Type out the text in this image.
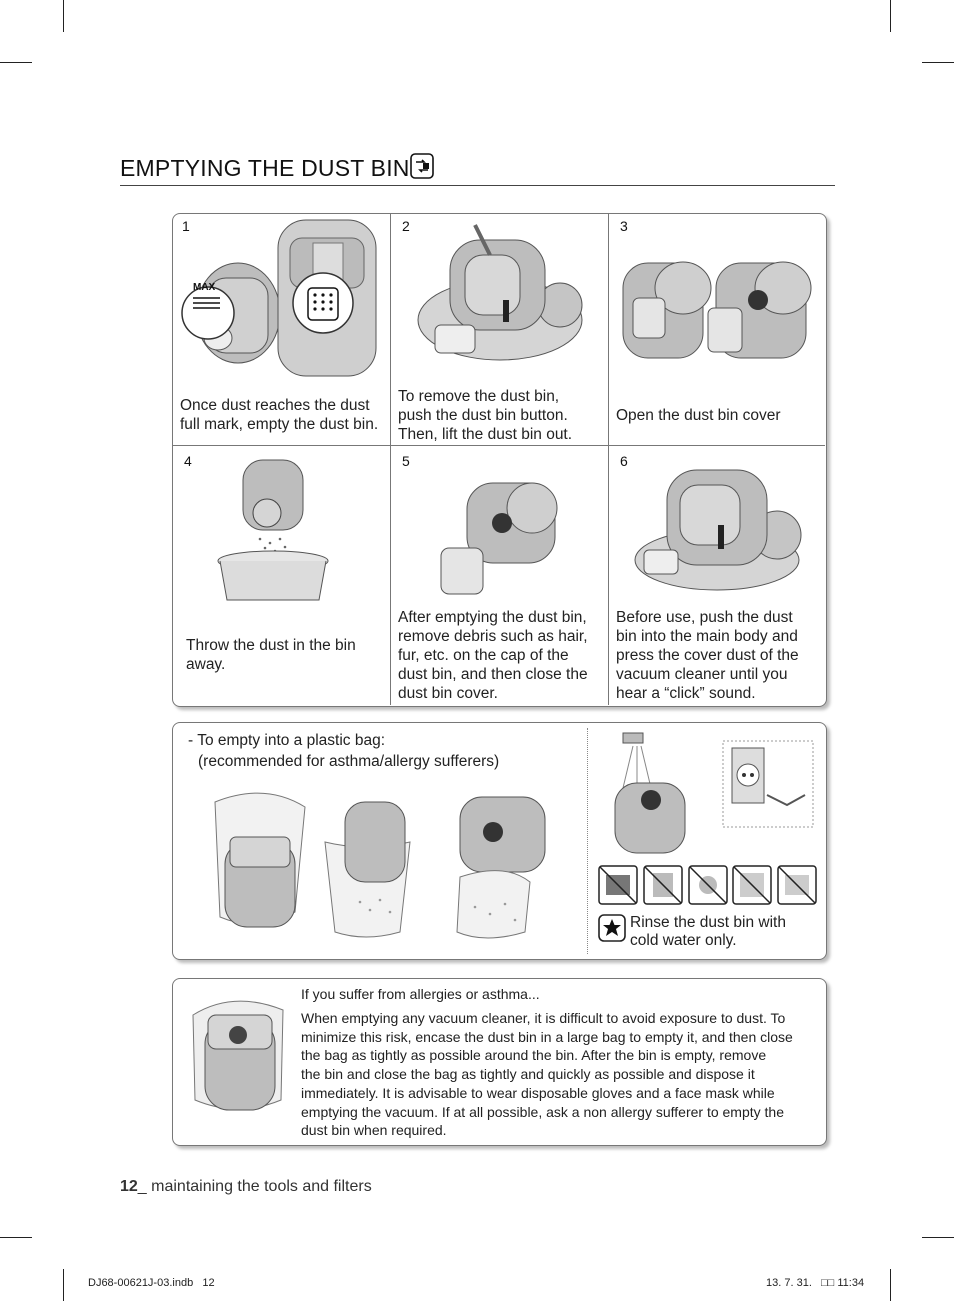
EMPTYING THE DUST BIN
1	2	3
4	5	6
MAX
Once dust reaches the dust
full mark, empty the dust bin.
To remove the dust bin,
push the dust bin button.
Then, lift the dust bin out.
Open the dust bin cover
Throw the dust in the bin
away.
After emptying the dust bin,
remove debris such as hair,
fur, etc. on the cap of the
dust bin, and then close the
dust bin cover.
Before use, push the dust
bin into the main body and
press the cover dust of the
vacuum cleaner until you
hear a “click” sound.
- To empty into a plastic bag:
(recommended for asthma/allergy sufferers)
Rinse the dust bin with
cold water only.
If you suffer from allergies or asthma...
When emptying any vacuum cleaner, it is difficult to avoid exposure to dust. To
minimize this risk, encase the dust bin in a large bag to empty it, and then close
the bag as tightly as possible around the bin. After the bin is empty, remove
the bin and close the bag as tightly and quickly as possible and dispose it
immediately. It is advisable to wear disposable gloves and a face mask while
emptying the vacuum. If at all possible, ask a non allergy sufferer to empty the
dust bin when required.
12_ maintaining the tools and filters
DJ68-00621J-03.indb   12	13. 7. 31.   □□ 11:34
